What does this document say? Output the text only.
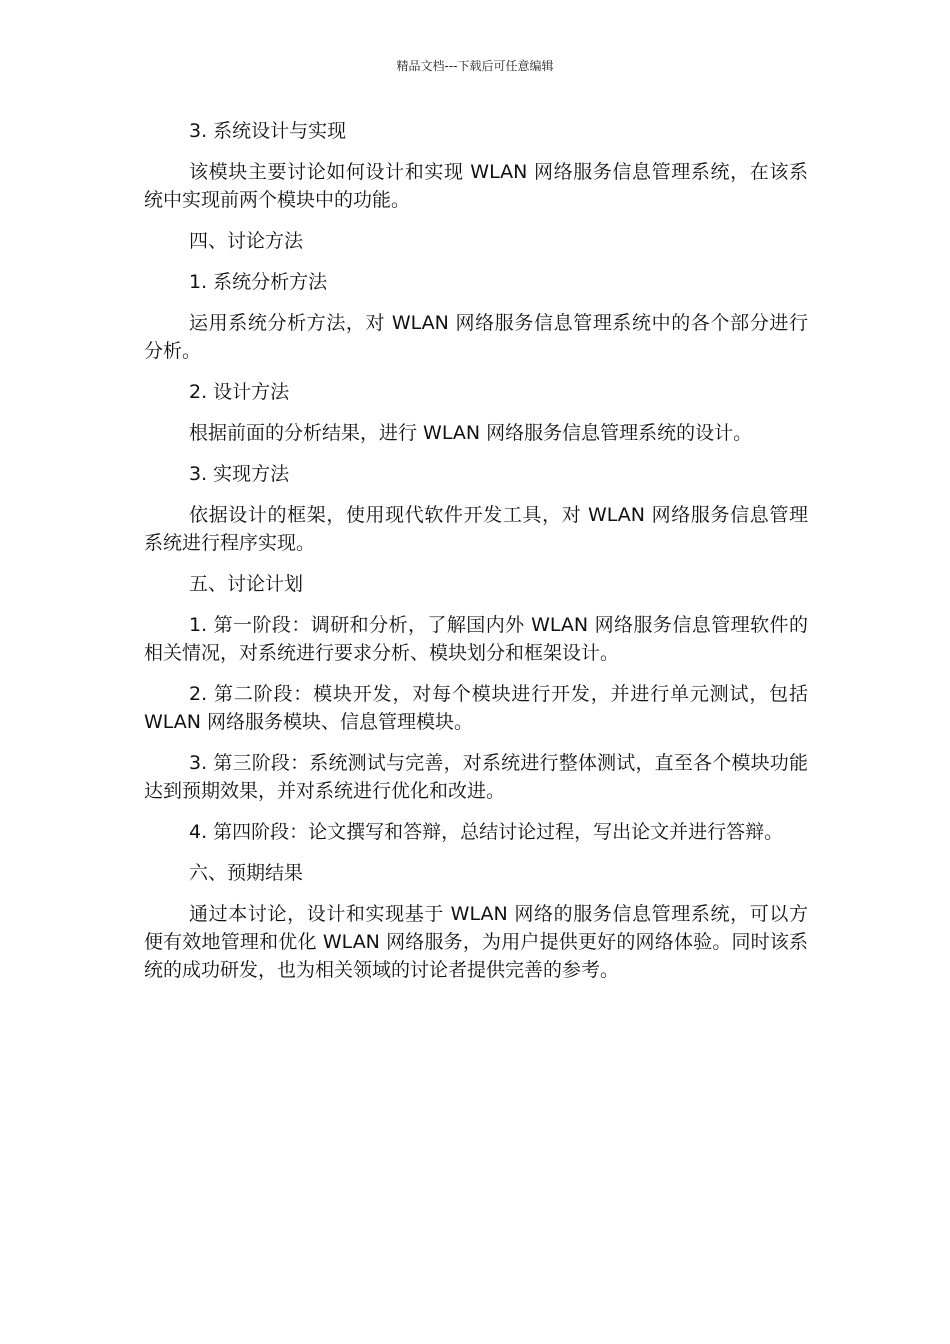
精品文档---下载后可任意编辑

3. 系统设计与实现

该模块主要讨论如何设计和实现 WLAN 网络服务信息管理系统，在该系统中实现前两个模块中的功能。

四、讨论方法

1. 系统分析方法

运用系统分析方法，对 WLAN 网络服务信息管理系统中的各个部分进行分析。

2. 设计方法

根据前面的分析结果，进行 WLAN 网络服务信息管理系统的设计。

3. 实现方法

依据设计的框架，使用现代软件开发工具，对 WLAN 网络服务信息管理系统进行程序实现。

五、讨论计划

1. 第一阶段：调研和分析，了解国内外 WLAN 网络服务信息管理软件的相关情况，对系统进行要求分析、模块划分和框架设计。

2. 第二阶段：模块开发，对每个模块进行开发，并进行单元测试，包括 WLAN 网络服务模块、信息管理模块。

3. 第三阶段：系统测试与完善，对系统进行整体测试，直至各个模块功能达到预期效果，并对系统进行优化和改进。

4. 第四阶段：论文撰写和答辩，总结讨论过程，写出论文并进行答辩。

六、预期结果

通过本讨论，设计和实现基于 WLAN 网络的服务信息管理系统，可以方便有效地管理和优化 WLAN 网络服务，为用户提供更好的网络体验。同时该系统的成功研发，也为相关领域的讨论者提供完善的参考。
